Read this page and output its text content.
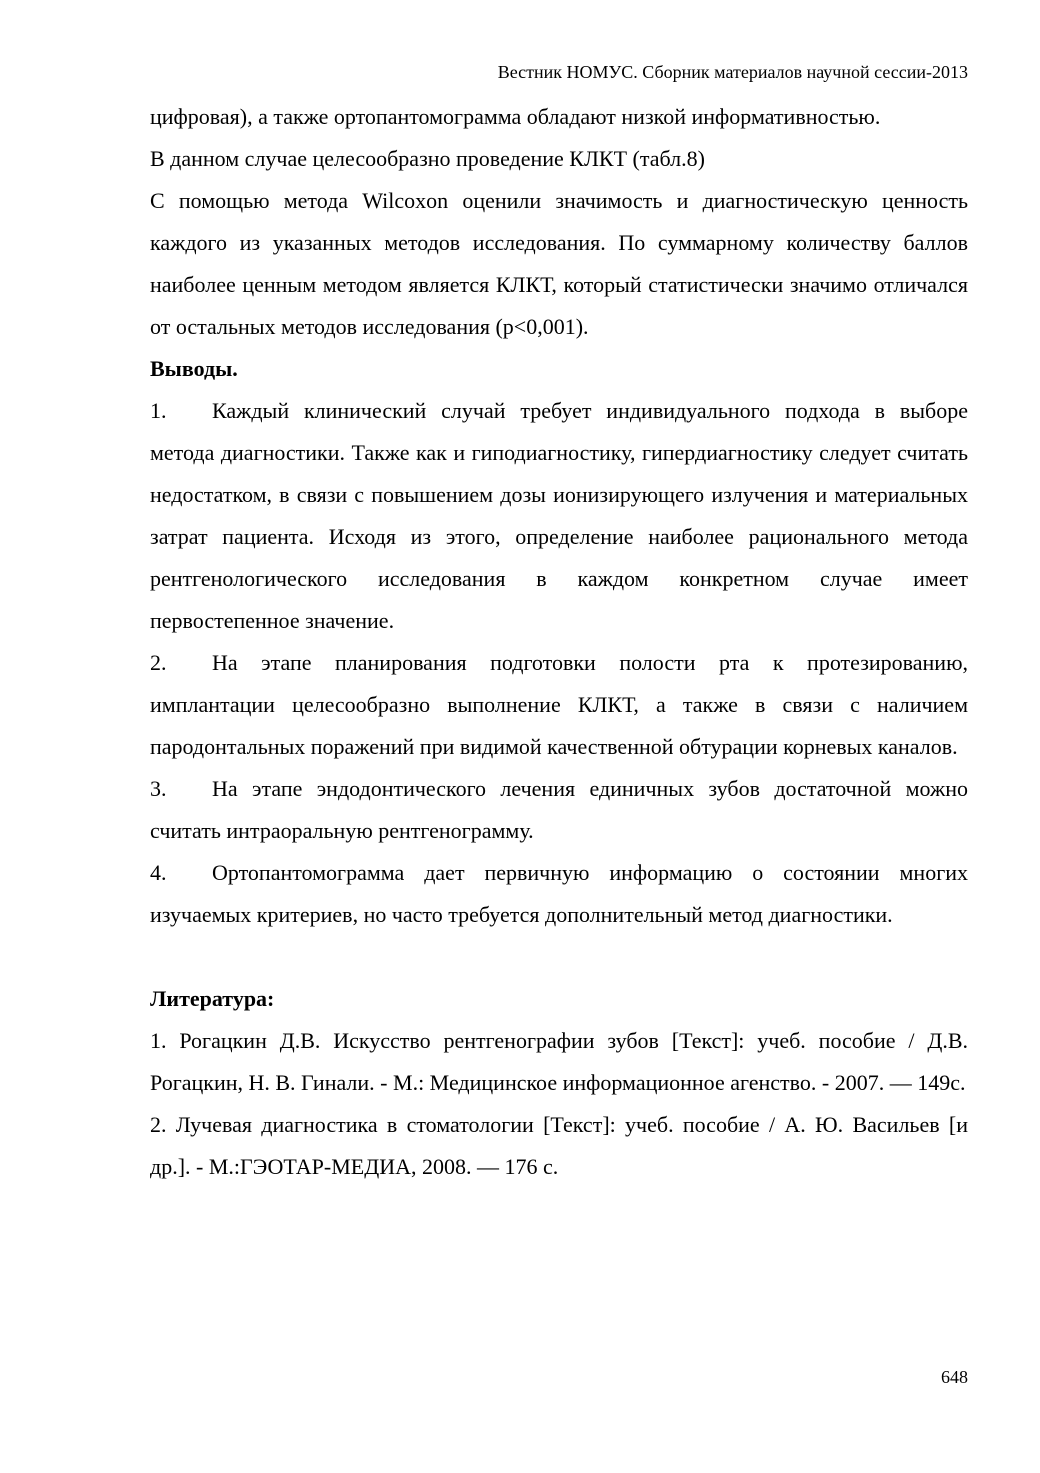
Вестник НОМУС. Сборник материалов научной сессии-2013

цифровая), а также ортопантомограмма обладают низкой информативностью.

В данном случае целесообразно проведение КЛКТ (табл.8)

С помощью метода Wilcoxon оценили значимость и диагностическую ценность каждого из указанных методов исследования. По суммарному количеству баллов наиболее ценным методом является КЛКТ, который статистически значимо отличался от остальных методов исследования (р<0,001).

Выводы.

1. Каждый клинический случай требует индивидуального подхода в выборе метода диагностики. Также как и гиподиагностику, гипердиагностику следует считать недостатком, в связи с повышением дозы ионизирующего излучения и материальных затрат пациента. Исходя из этого, определение наиболее рационального метода рентгенологического исследования в каждом конкретном случае имеет первостепенное значение.

2. На этапе планирования подготовки полости рта к протезированию, имплантации целесообразно выполнение КЛКТ, а также в связи с наличием пародонтальных поражений при видимой качественной обтурации корневых каналов.

3. На этапе эндодонтического лечения единичных зубов достаточной можно считать интраоральную рентгенограмму.

4. Ортопантомограмма дает первичную информацию о состоянии многих изучаемых критериев, но часто требуется дополнительный метод диагностики.

Литература:

1. Рогацкин Д.В. Искусство рентгенографии зубов [Текст]: учеб. пособие / Д.В. Рогацкин, Н. В. Гинали. - М.: Медицинское информационное агенство. - 2007. — 149с.

2. Лучевая диагностика в стоматологии [Текст]: учеб. пособие / А. Ю. Васильев [и др.]. - М.:ГЭОТАР-МЕДИА, 2008. — 176 с.

648
